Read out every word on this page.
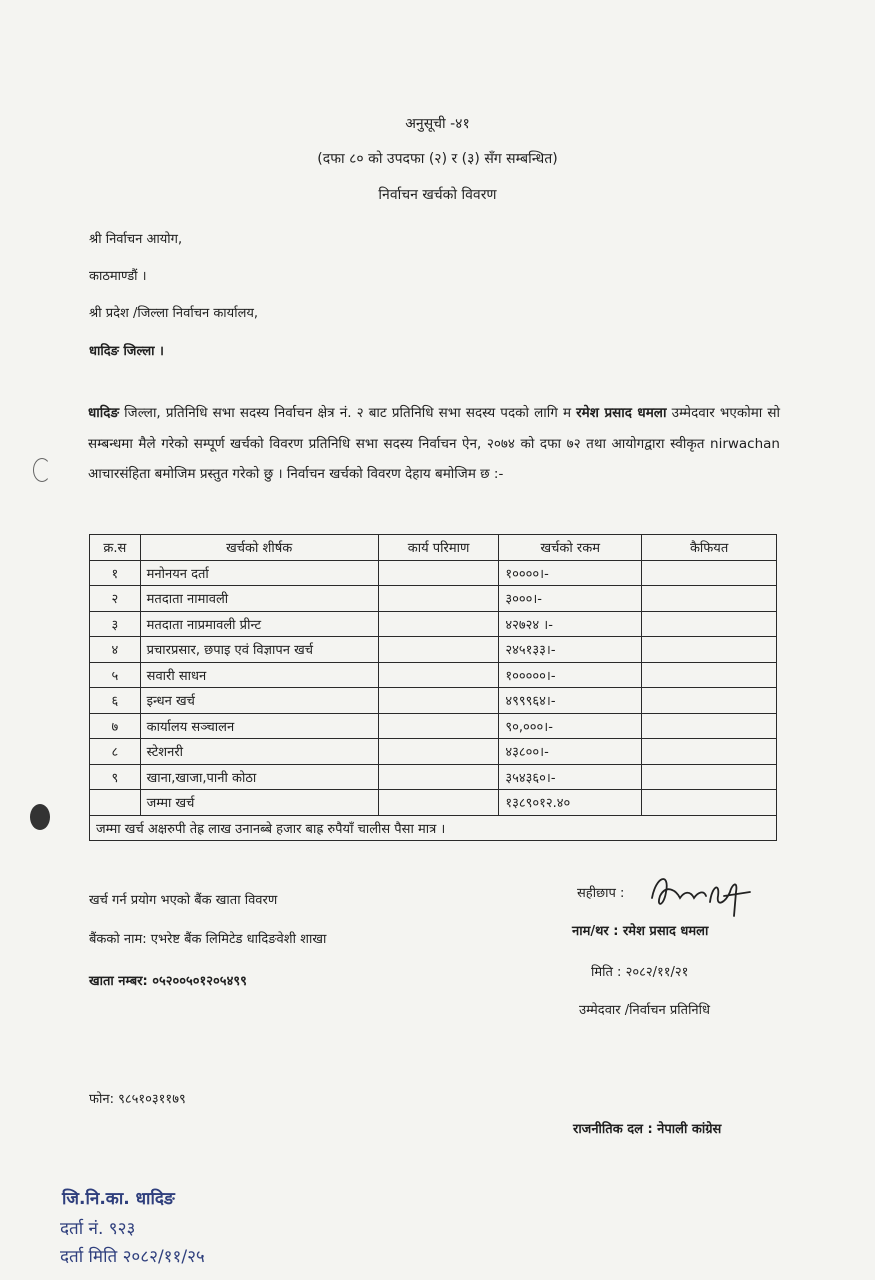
अनुसूची -४१
(दफा ८० को उपदफा (२) र (३) सँग सम्बन्धित)
निर्वाचन खर्चको विवरण
श्री निर्वाचन आयोग,
काठमाण्डौं ।
श्री प्रदेश /जिल्ला निर्वाचन कार्यालय,
धादिङ जिल्ला ।
धादिङ जिल्ला, प्रतिनिधि सभा सदस्य निर्वाचन क्षेत्र नं. २ बाट प्रतिनिधि सभा सदस्य पदको लागि म रमेश प्रसाद धमला उम्मेदवार भएकोमा सो सम्बन्धमा मैले गरेको सम्पूर्ण खर्चको विवरण प्रतिनिधि सभा सदस्य निर्वाचन ऐन, २०७४ को दफा ७२ तथा आयोगद्वारा स्वीकृत nirwachan आचारसंहिता बमोजिम प्रस्तुत गरेको छु । निर्वाचन खर्चको विवरण देहाय बमोजिम छ :-
क्र.स	खर्चको शीर्षक	कार्य परिमाण	खर्चको रकम	कैफियत
१	मनोनयन दर्ता		१००००।-	
२	मतदाता नामावली		३०००।-	
३	मतदाता नाप्रमावली प्रीन्ट		४२७२४ ।-	
४	प्रचारप्रसार, छपाइ एवं विज्ञापन खर्च		२४५१३३।-	
५	सवारी साधन		१०००००।-	
६	इन्धन खर्च		४९९९६४।-	
७	कार्यालय सञ्चालन		९०,०००।-	
८	स्टेशनरी		४३८००।-	
९	खाना,खाजा,पानी कोठा		३५४३६०।-	
	जम्मा खर्च		१३८९०१२.४०	
जम्मा खर्च अक्षरुपी तेह्र लाख उनानब्बे हजार बाह्र रुपैयाँ चालीस पैसा मात्र ।				
खर्च गर्न प्रयोग भएको बैंक खाता विवरण
बैंकको नाम: एभरेष्ट बैंक लिमिटेड धादिङवेशी शाखा
खाता नम्बर: ०५२००५०१२०५४९९
सहीछाप :
नाम/थर : रमेश प्रसाद धमला
मिति : २०८२/११/२१
उम्मेदवार /निर्वाचन प्रतिनिधि
फोन: ९८५१०३११७९
राजनीतिक दल : नेपाली कांग्रेस
जि.नि.का. धादिङ
दर्ता नं. ९२३
दर्ता मिति २०८२/११/२५
